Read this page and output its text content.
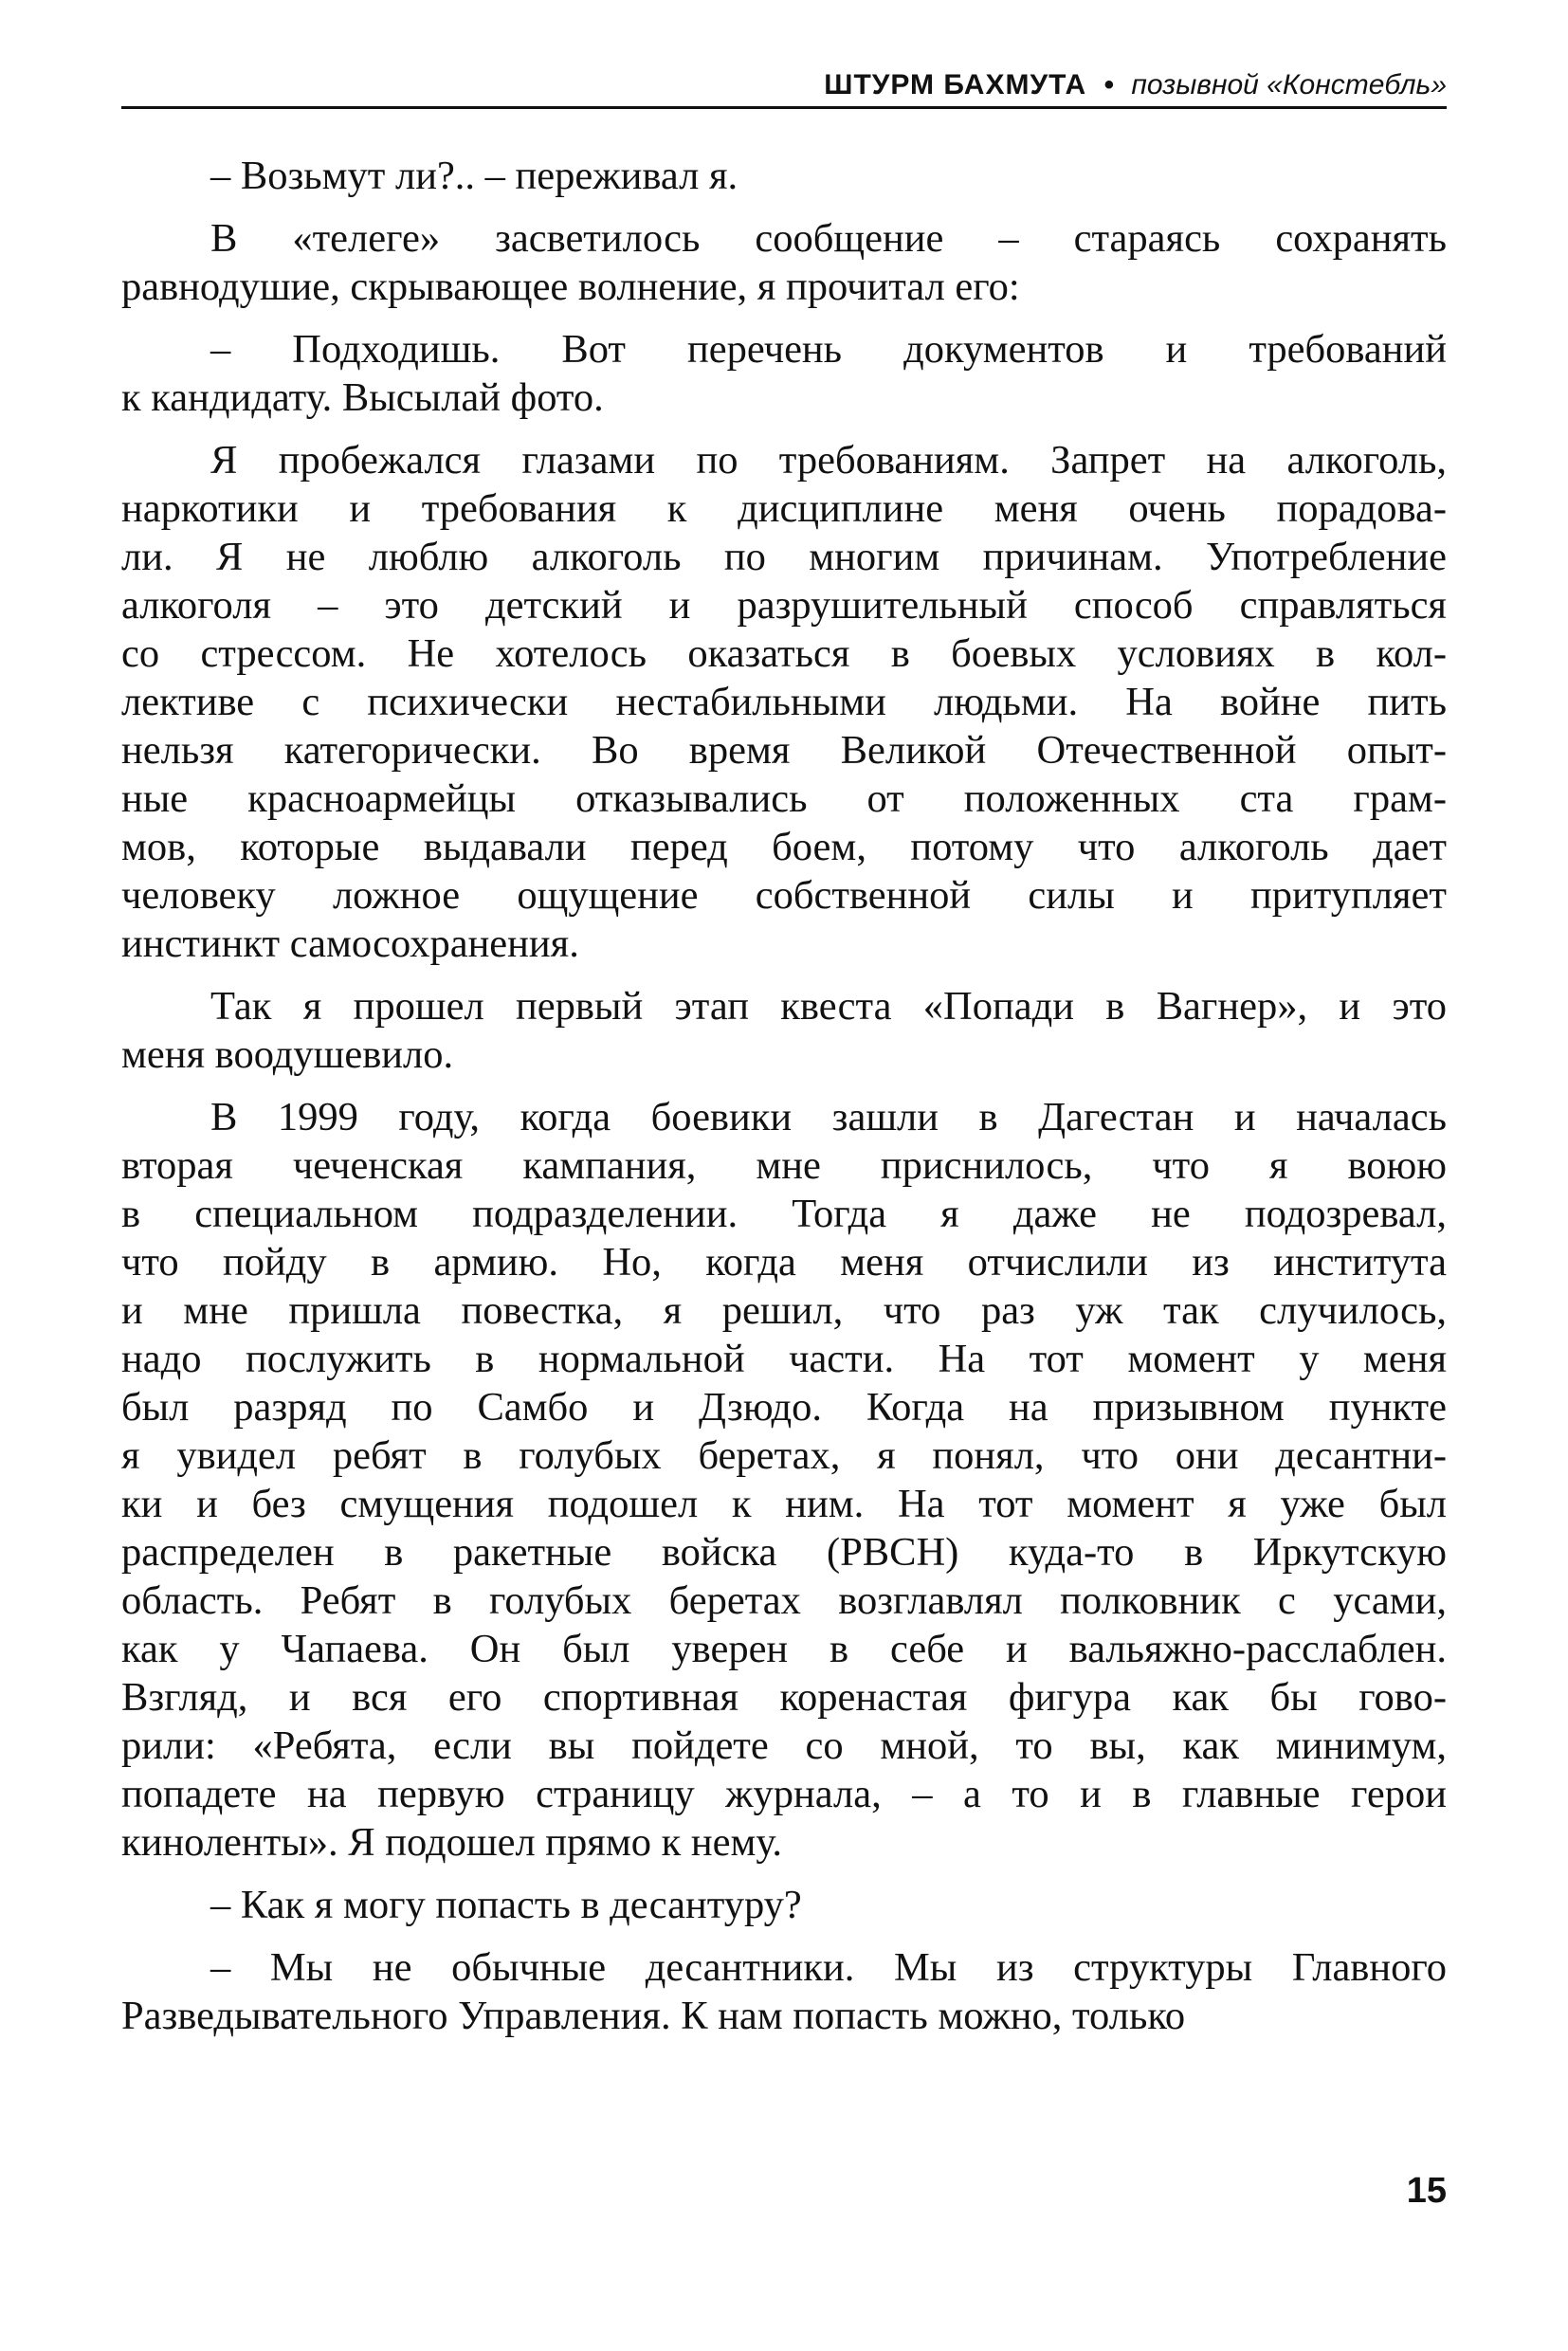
ШТУРМ БАХМУТА • позывной «Констебль»

– Возьмут ли?.. – переживал я.

В «телеге» засветилось сообщение – стараясь сохранять
равнодушие, скрывающее волнение, я прочитал его:

– Подходишь. Вот перечень документов и требований
к кандидату. Высылай фото.

Я пробежался глазами по требованиям. Запрет на алкоголь,
наркотики и требования к дисциплине меня очень порадова-
ли. Я не люблю алкоголь по многим причинам. Употребление
алкоголя – это детский и разрушительный способ справляться
со стрессом. Не хотелось оказаться в боевых условиях в кол-
лективе с психически нестабильными людьми. На войне пить
нельзя категорически. Во время Великой Отечественной опыт-
ные красноармейцы отказывались от положенных ста грам-
мов, которые выдавали перед боем, потому что алкоголь дает
человеку ложное ощущение собственной силы и притупляет
инстинкт самосохранения.

Так я прошел первый этап квеста «Попади в Вагнер», и это
меня воодушевило.

В 1999 году, когда боевики зашли в Дагестан и началась
вторая чеченская кампания, мне приснилось, что я воюю
в специальном подразделении. Тогда я даже не подозревал,
что пойду в армию. Но, когда меня отчислили из института
и мне пришла повестка, я решил, что раз уж так случилось,
надо послужить в нормальной части. На тот момент у меня
был разряд по Самбо и Дзюдо. Когда на призывном пункте
я увидел ребят в голубых беретах, я понял, что они десантни-
ки и без смущения подошел к ним. На тот момент я уже был
распределен в ракетные войска (РВСН) куда-то в Иркутскую
область. Ребят в голубых беретах возглавлял полковник с усами,
как у Чапаева. Он был уверен в себе и вальяжно-расслаблен.
Взгляд, и вся его спортивная коренастая фигура как бы гово-
рили: «Ребята, если вы пойдете со мной, то вы, как минимум,
попадете на первую страницу журнала, – а то и в главные герои
киноленты». Я подошел прямо к нему.

– Как я могу попасть в десантуру?

– Мы не обычные десантники. Мы из структуры Главного
Разведывательного Управления. К нам попасть можно, только

15
